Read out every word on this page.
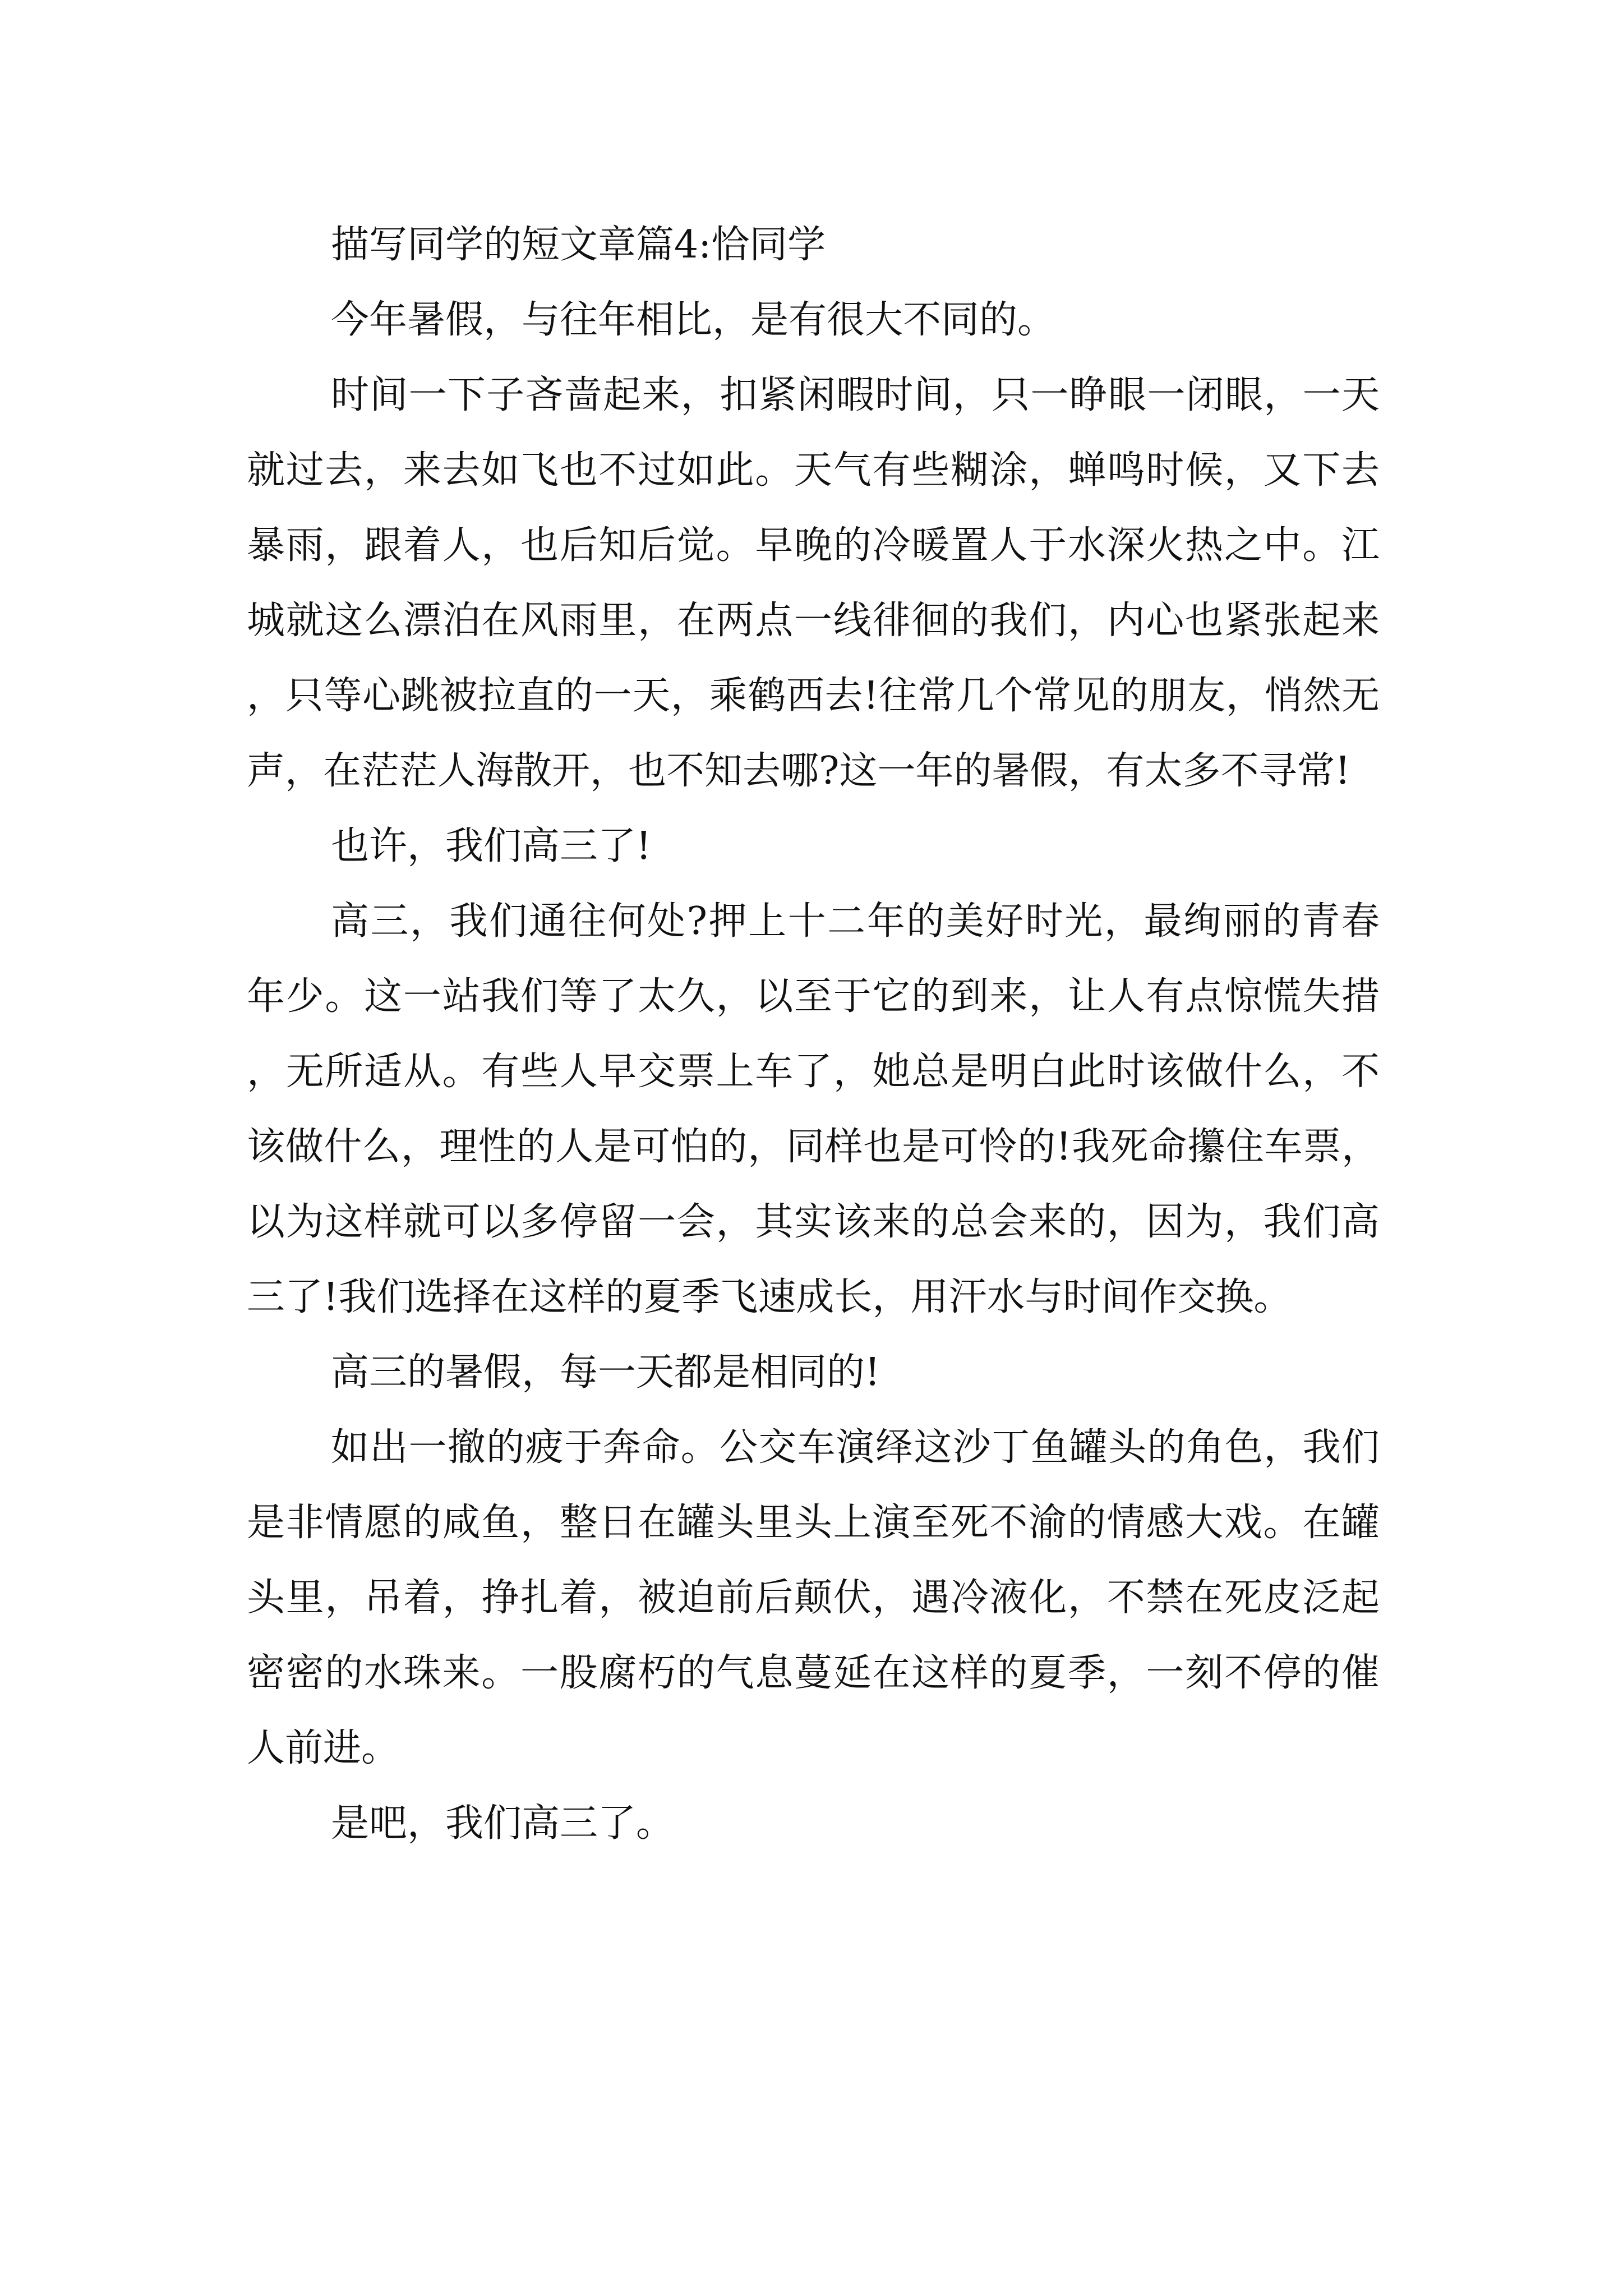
描写同学的短文章篇4:恰同学

今年暑假，与往年相比，是有很大不同的。

时间一下子吝啬起来，扣紧闲暇时间，只一睁眼一闭眼，一天就过去，来去如飞也不过如此。天气有些糊涂，蝉鸣时候，又下去暴雨，跟着人，也后知后觉。早晚的冷暖置人于水深火热之中。江城就这么漂泊在风雨里，在两点一线徘徊的我们，内心也紧张起来，只等心跳被拉直的一天，乘鹤西去!往常几个常见的朋友，悄然无声，在茫茫人海散开，也不知去哪?这一年的暑假，有太多不寻常!

也许，我们高三了!

高三，我们通往何处?押上十二年的美好时光，最绚丽的青春年少。这一站我们等了太久，以至于它的到来，让人有点惊慌失措，无所适从。有些人早交票上车了，她总是明白此时该做什么，不该做什么，理性的人是可怕的，同样也是可怜的!我死命攥住车票，以为这样就可以多停留一会，其实该来的总会来的，因为，我们高三了!我们选择在这样的夏季飞速成长，用汗水与时间作交换。

高三的暑假，每一天都是相同的!

如出一撤的疲于奔命。公交车演绎这沙丁鱼罐头的角色，我们是非情愿的咸鱼，整日在罐头里头上演至死不渝的情感大戏。在罐头里，吊着，挣扎着，被迫前后颠伏，遇冷液化，不禁在死皮泛起密密的水珠来。一股腐朽的气息蔓延在这样的夏季，一刻不停的催人前进。

是吧，我们高三了。
